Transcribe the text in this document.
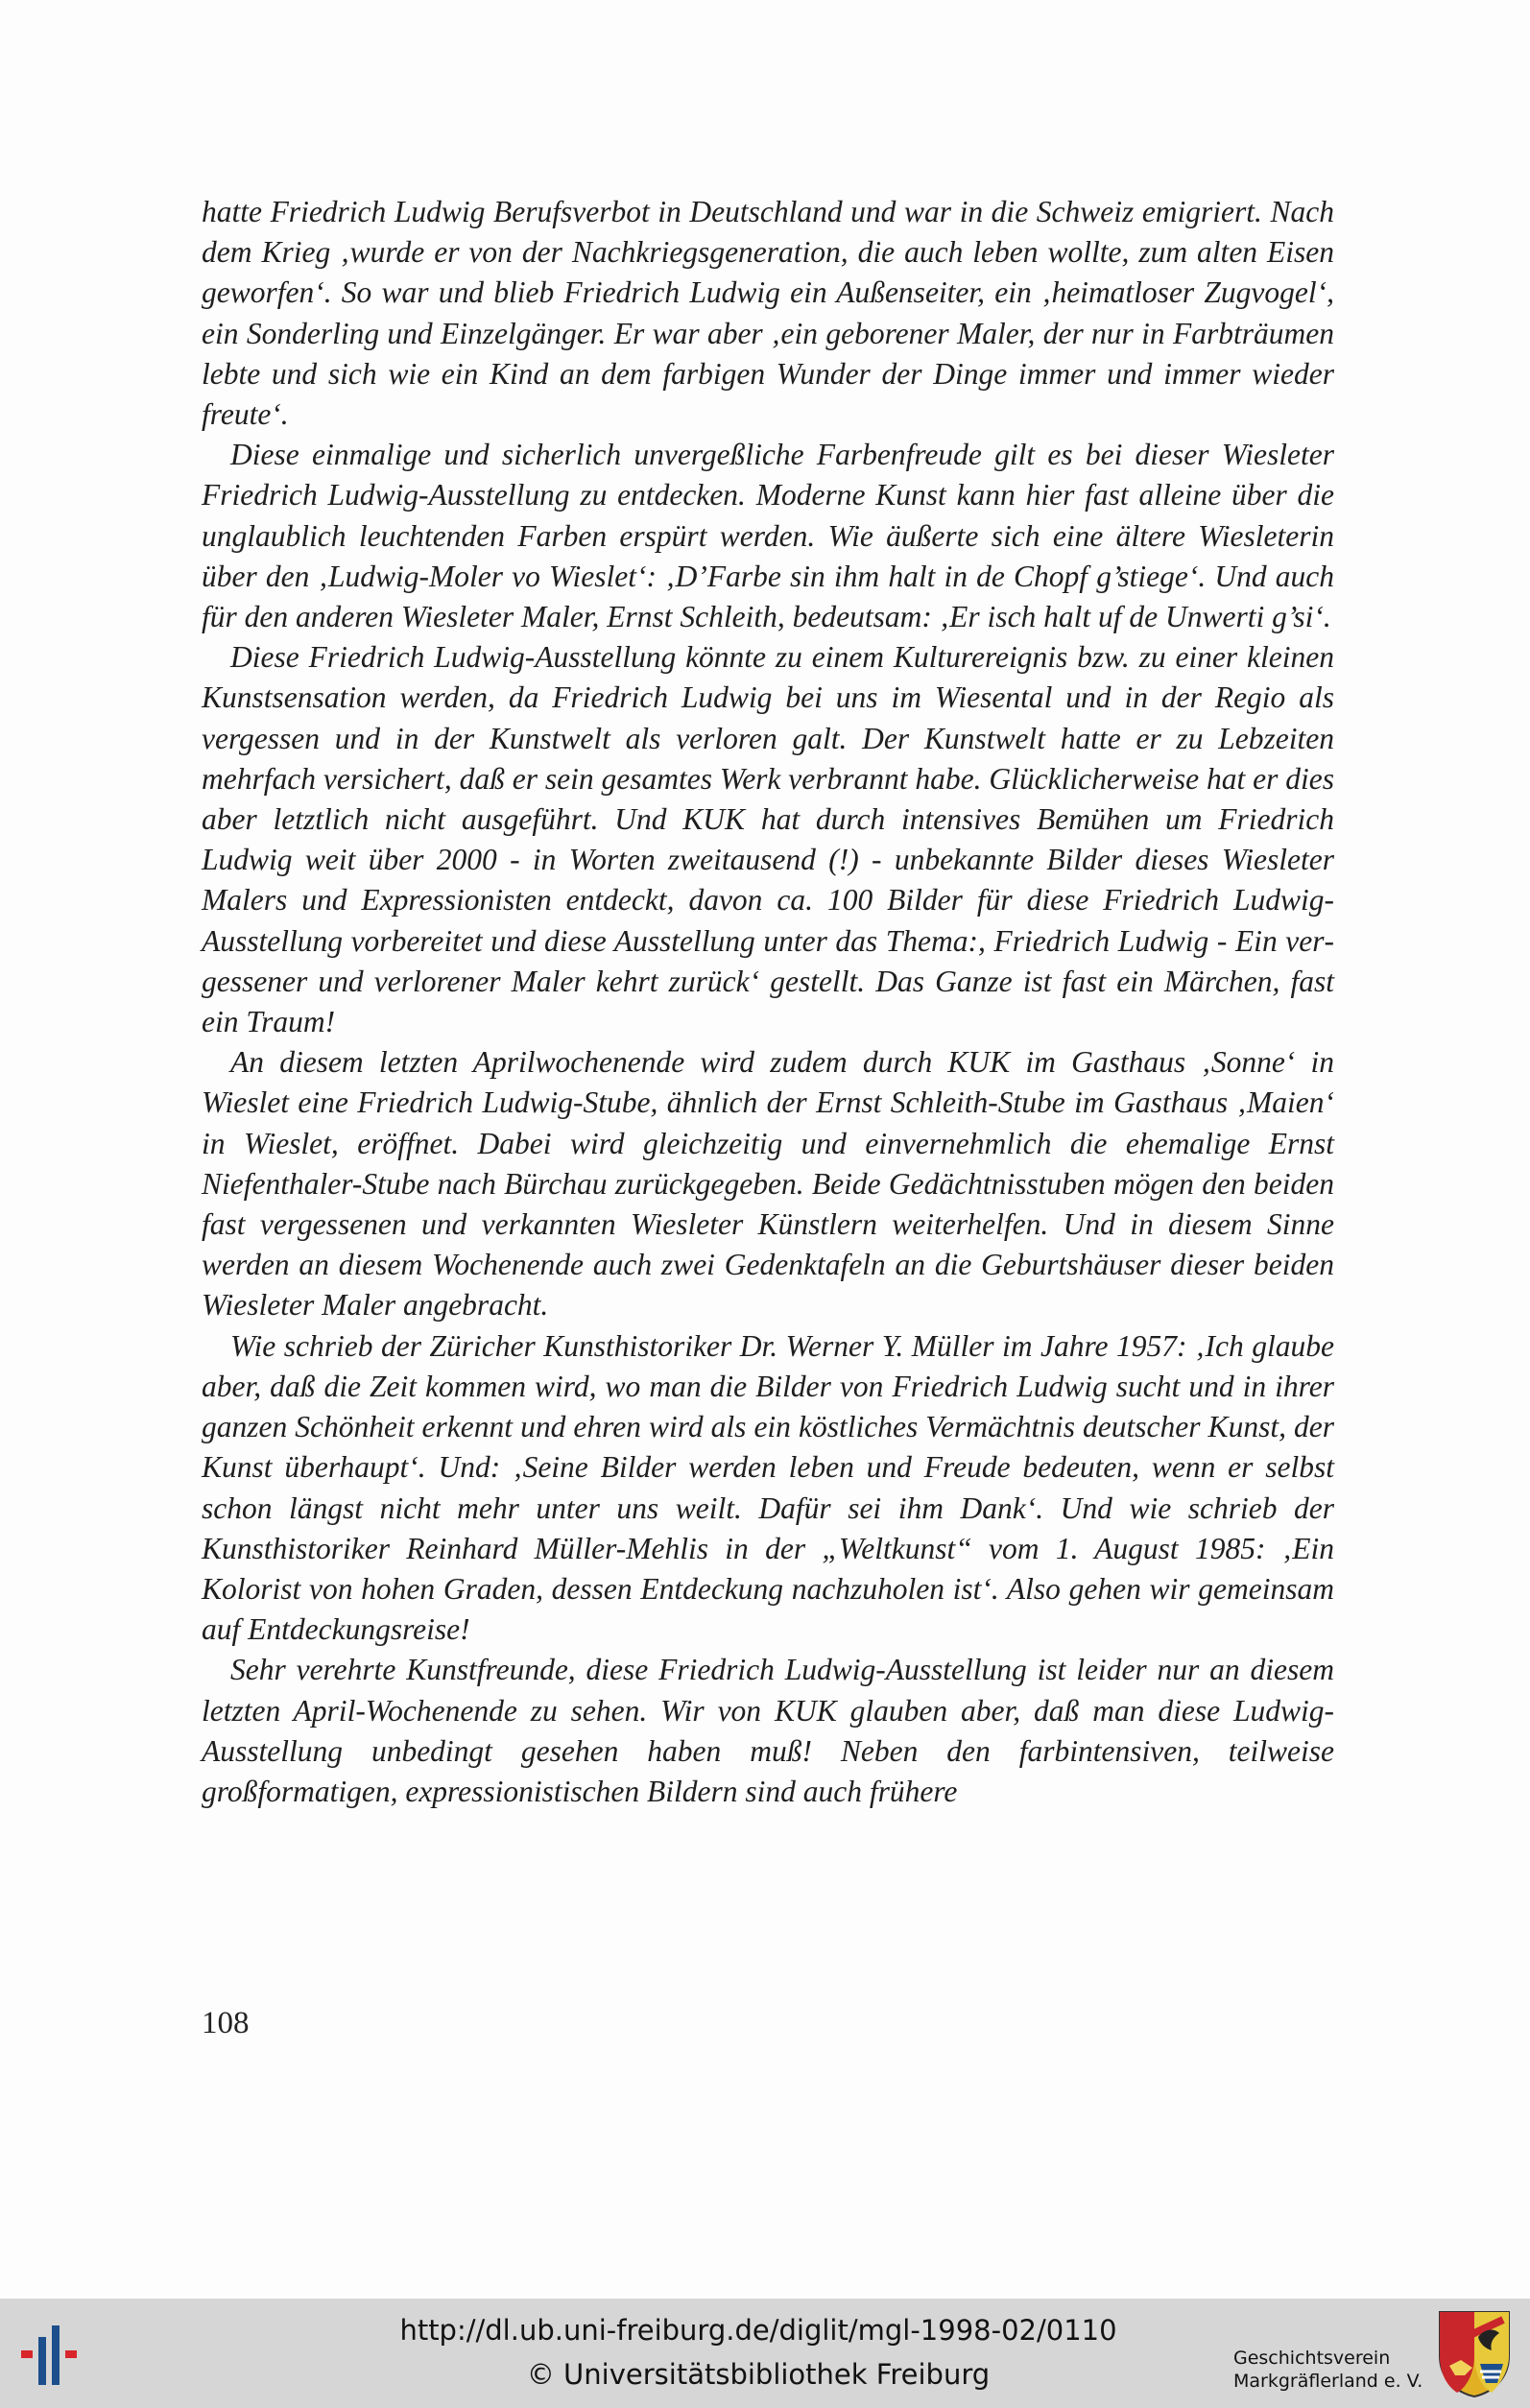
hatte Friedrich Ludwig Berufsverbot in Deutschland und war in die Schweiz emigriert. Nach dem Krieg ‚wurde er von der Nachkriegsgeneration, die auch leben wollte, zum alten Eisen geworfen‘. So war und blieb Friedrich Ludwig ein Außenseiter, ein ‚heimatloser Zugvogel‘, ein Sonderling und Einzelgänger. Er war aber ‚ein geborener Maler, der nur in Farbträumen lebte und sich wie ein Kind an dem farbigen Wunder der Dinge immer und immer wieder freute‘.

Diese einmalige und sicherlich unvergeßliche Farbenfreude gilt es bei dieser Wiesleter Friedrich Ludwig-Ausstellung zu entdecken. Moderne Kunst kann hier fast alleine über die unglaublich leuchtenden Farben erspürt werden. Wie äußerte sich eine ältere Wiesleterin über den ‚Ludwig-Moler vo Wieslet‘: ‚D’Farbe sin ihm halt in de Chopf g’stiege‘. Und auch für den anderen Wiesleter Maler, Ernst Schleith, bedeutsam: ‚Er isch halt uf de Unwerti g’si‘.

Diese Friedrich Ludwig-Ausstellung könnte zu einem Kulturereignis bzw. zu einer kleinen Kunstsensation werden, da Friedrich Ludwig bei uns im Wiesental und in der Regio als vergessen und in der Kunstwelt als verloren galt. Der Kunstwelt hatte er zu Lebzeiten mehrfach versichert, daß er sein gesamtes Werk verbrannt habe. Glücklicherweise hat er dies aber letztlich nicht ausgeführt. Und KUK hat durch intensives Bemühen um Friedrich Ludwig weit über 2000 - in Worten zweitausend (!) - unbekannte Bilder dieses Wiesleter Malers und Expressionisten entdeckt, davon ca. 100 Bilder für diese Friedrich Ludwig-Ausstellung vorbereitet und diese Ausstellung unter das Thema:, Friedrich Ludwig - Ein vergessener und verlorener Maler kehrt zurück‘ gestellt. Das Ganze ist fast ein Märchen, fast ein Traum!

An diesem letzten Aprilwochenende wird zudem durch KUK im Gasthaus ‚Sonne‘ in Wieslet eine Friedrich Ludwig-Stube, ähnlich der Ernst Schleith-Stube im Gasthaus ‚Maien‘ in Wieslet, eröffnet. Dabei wird gleichzeitig und einvernehmlich die ehemalige Ernst Niefenthaler-Stube nach Bürchau zurückgegeben. Beide Gedächtnisstuben mögen den beiden fast vergessenen und verkannten Wiesleter Künstlern weiterhelfen. Und in diesem Sinne werden an diesem Wochenende auch zwei Gedenktafeln an die Geburtshäuser dieser beiden Wiesleter Maler angebracht.

Wie schrieb der Züricher Kunsthistoriker Dr. Werner Y. Müller im Jahre 1957: ‚Ich glaube aber, daß die Zeit kommen wird, wo man die Bilder von Friedrich Ludwig sucht und in ihrer ganzen Schönheit erkennt und ehren wird als ein köstliches Vermächtnis deutscher Kunst, der Kunst überhaupt‘. Und: ‚Seine Bilder werden leben und Freude bedeuten, wenn er selbst schon längst nicht mehr unter uns weilt. Dafür sei ihm Dank‘. Und wie schrieb der Kunsthistoriker Reinhard Müller-Mehlis in der „Weltkunst“ vom 1. August 1985: ‚Ein Kolorist von hohen Graden, dessen Entdeckung nachzuholen ist‘. Also gehen wir gemeinsam auf Entdeckungsreise!

Sehr verehrte Kunstfreunde, diese Friedrich Ludwig-Ausstellung ist leider nur an diesem letzten April-Wochenende zu sehen. Wir von KUK glauben aber, daß man diese Ludwig-Ausstellung unbedingt gesehen haben muß! Neben den farbintensiven, teilweise großformatigen, expressionistischen Bildern sind auch frühere

108
http://dl.ub.uni-freiburg.de/diglit/mgl-1998-02/0110
© Universitätsbibliothek Freiburg	Geschichtsverein
Markgräflerland e. V.
